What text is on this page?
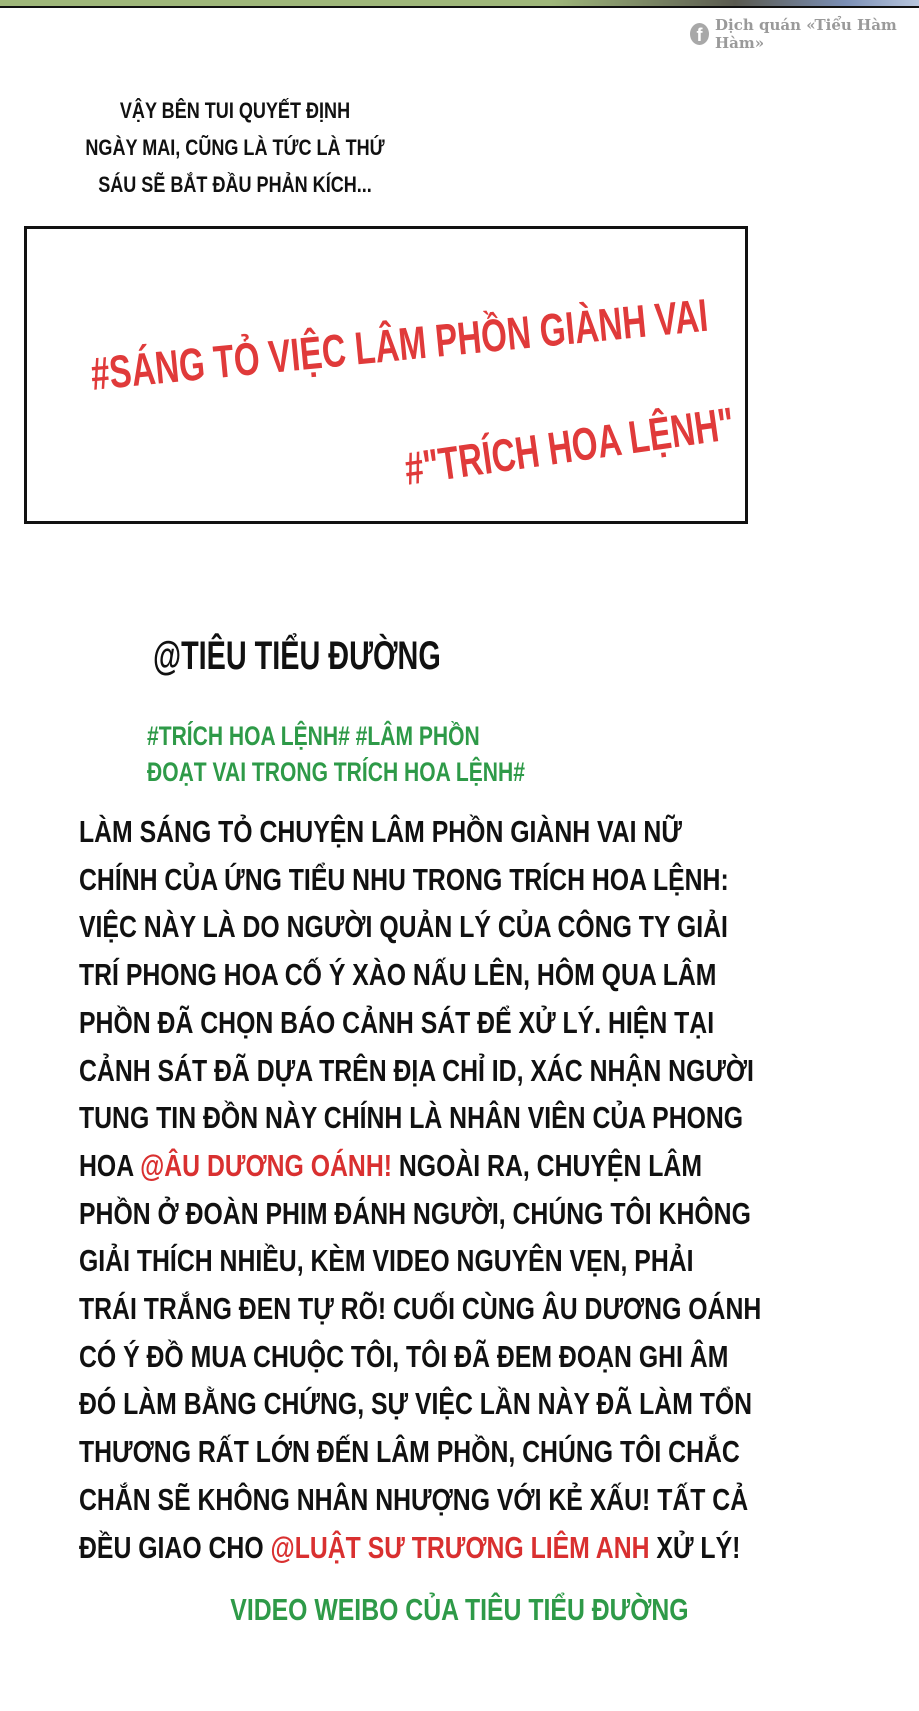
f Dịch quán «Tiểu Hàm Hàm»
VẬY BÊN TUI QUYẾT ĐỊNH
NGÀY MAI, CŨNG LÀ TỨC LÀ THỨ
SÁU SẼ BẮT ĐẦU PHẢN KÍCH...
#SÁNG TỎ VIỆC LÂM PHỒN GIÀNH VAI
#"TRÍCH HOA LỆNH"
@TIÊU TIỂU ĐƯỜNG
#TRÍCH HOA LỆNH# #LÂM PHỒN
ĐOẠT VAI TRONG TRÍCH HOA LỆNH#
LÀM SÁNG TỎ CHUYỆN LÂM PHỒN GIÀNH VAI NỮ
CHÍNH CỦA ỨNG TIỂU NHU TRONG TRÍCH HOA LỆNH:
VIỆC NÀY LÀ DO NGƯỜI QUẢN LÝ CỦA CÔNG TY GIẢI
TRÍ PHONG HOA CỐ Ý XÀO NẤU LÊN, HÔM QUA LÂM
PHỒN ĐÃ CHỌN BÁO CẢNH SÁT ĐỂ XỬ LÝ. HIỆN TẠI
CẢNH SÁT ĐÃ DỰA TRÊN ĐỊA CHỈ ID, XÁC NHẬN NGƯỜI
TUNG TIN ĐỒN NÀY CHÍNH LÀ NHÂN VIÊN CỦA PHONG
HOA @ÂU DƯƠNG OÁNH! NGOÀI RA, CHUYỆN LÂM
PHỒN Ở ĐOÀN PHIM ĐÁNH NGƯỜI, CHÚNG TÔI KHÔNG
GIẢI THÍCH NHIỀU, KÈM VIDEO NGUYÊN VẸN, PHẢI
TRÁI TRẮNG ĐEN TỰ RÕ! CUỐI CÙNG ÂU DƯƠNG OÁNH
CÓ Ý ĐỒ MUA CHUỘC TÔI, TÔI ĐÃ ĐEM ĐOẠN GHI ÂM
ĐÓ LÀM BẰNG CHỨNG, SỰ VIỆC LẦN NÀY ĐÃ LÀM TỔN
THƯƠNG RẤT LỚN ĐẾN LÂM PHỒN, CHÚNG TÔI CHẮC
CHẮN SẼ KHÔNG NHÂN NHƯỢNG VỚI KẺ XẤU! TẤT CẢ
ĐỀU GIAO CHO @LUẬT SƯ TRƯƠNG LIÊM ANH XỬ LÝ!
VIDEO WEIBO CỦA TIÊU TIỂU ĐƯỜNG
